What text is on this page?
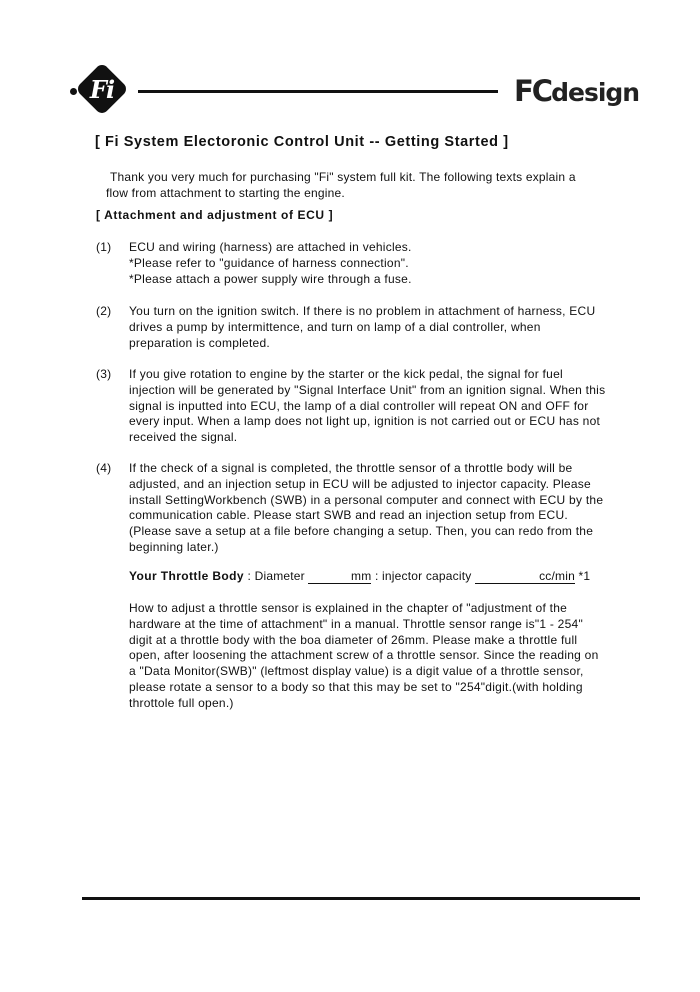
Fi	FCdesign
[ Fi System Electoronic Control Unit -- Getting Started ]
Thank you very much for purchasing "Fi" system full kit. The following texts explain a
flow from attachment to starting the engine.
[ Attachment and adjustment of ECU ]
(1)	ECU and wiring (harness) are attached in vehicles.
*Please refer to "guidance of harness connection".
*Please attach a power supply wire through a fuse.
(2)	You turn on the ignition switch. If there is no problem in attachment of harness, ECU
drives a pump by intermittence, and turn on lamp of a dial controller, when
preparation is completed.
(3)	If you give rotation to engine by the starter or the kick pedal, the signal for fuel
injection will be generated by "Signal Interface Unit" from an ignition signal. When this
signal is inputted into ECU, the lamp of a dial controller will repeat ON and OFF for
every input. When a lamp does not light up, ignition is not carried out or ECU has not
received the signal.
(4)	If the check of a signal is completed, the throttle sensor of a throttle body will be
adjusted, and an injection setup in ECU will be adjusted to injector capacity. Please
install SettingWorkbench (SWB) in a personal computer and connect with ECU by the
communication cable. Please start SWB and read an injection setup from ECU.
(Please save a setup at a file before changing a setup. Then, you can redo from the
beginning later.)
Your Throttle Body : Diameter	mm : injector capacity	cc/min *1
How to adjust a throttle sensor is explained in the chapter of "adjustment of the
hardware at the time of attachment" in a manual. Throttle sensor range is"1 - 254"
digit at a throttle body with the boa diameter of 26mm. Please make a throttle full
open, after loosening the attachment screw of a throttle sensor. Since the reading on
a "Data Monitor(SWB)" (leftmost display value) is a digit value of a throttle sensor,
please rotate a sensor to a body so that this may be set to "254"digit.(with holding
throttole full open.)
